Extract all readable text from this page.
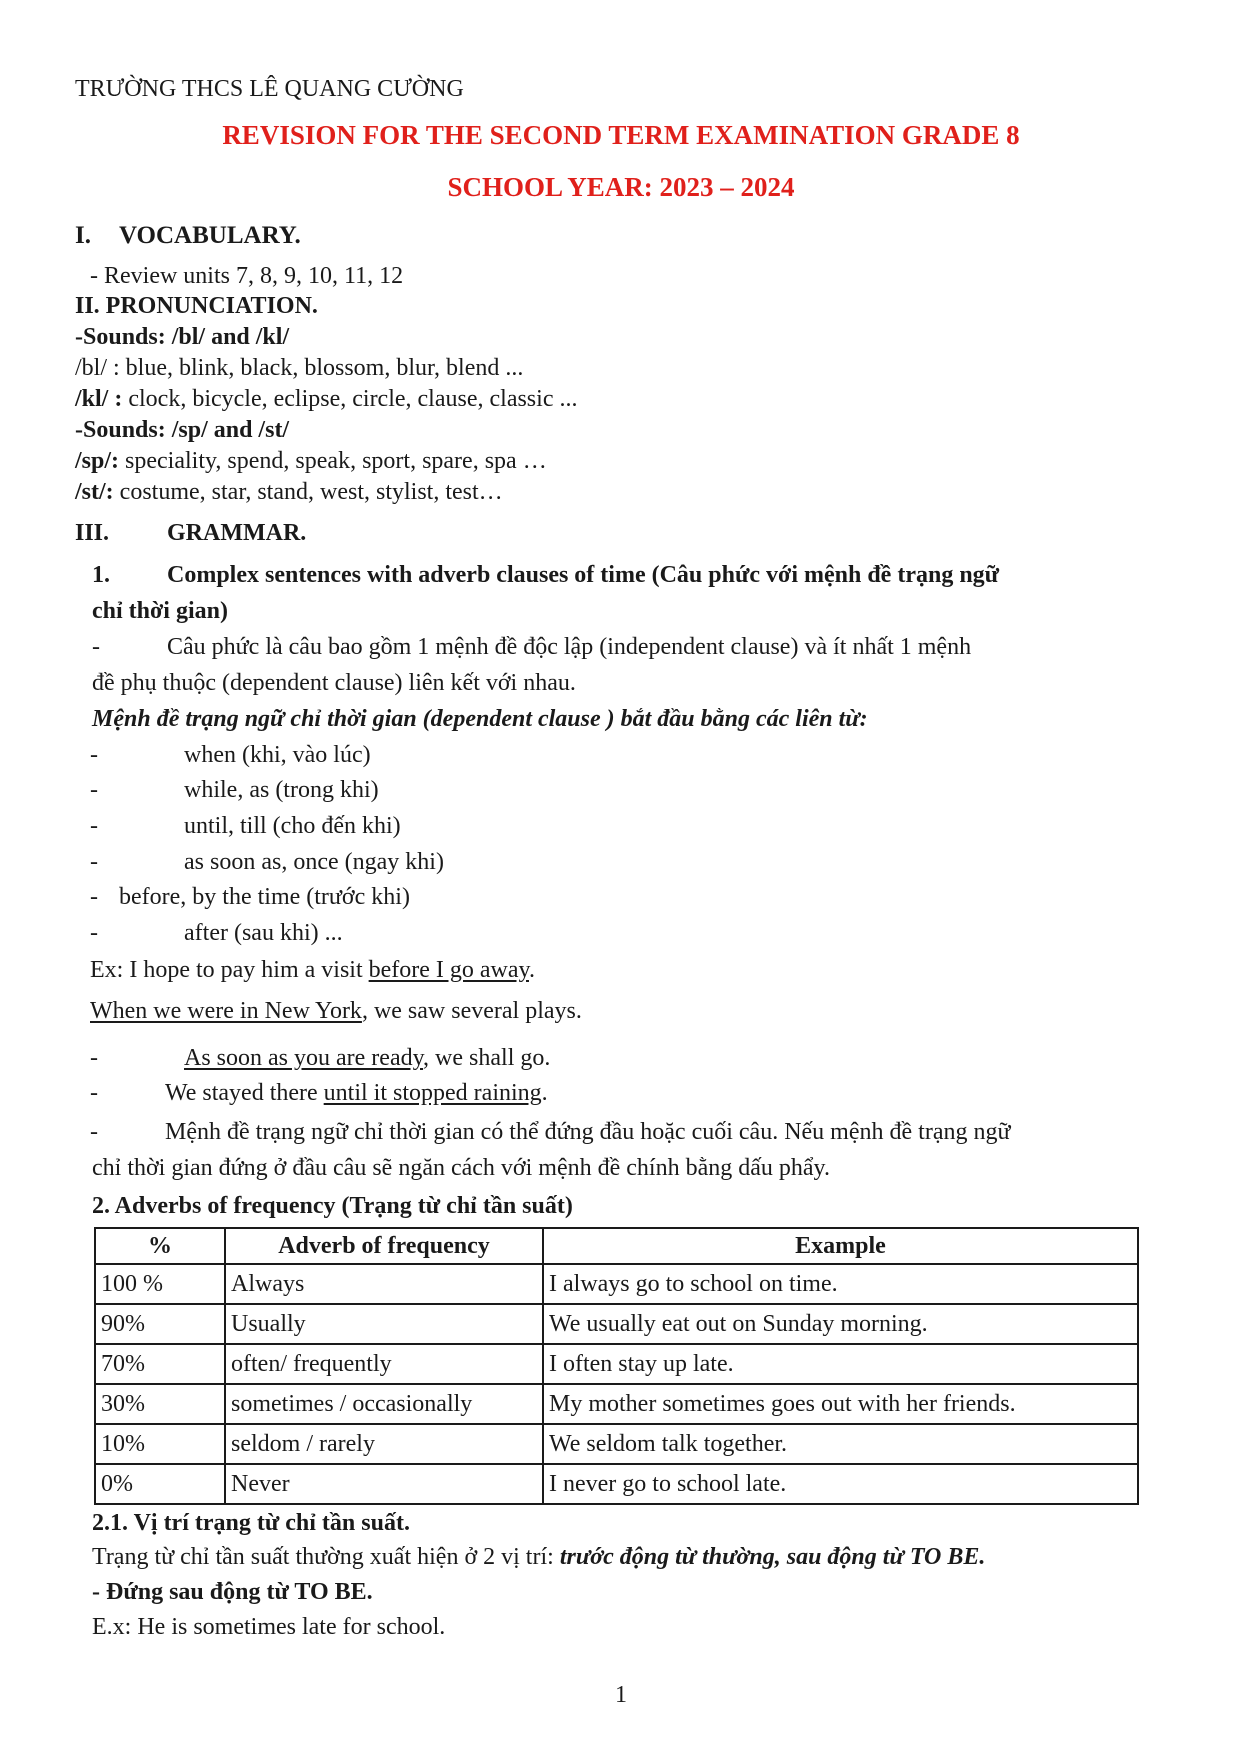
TRƯỜNG THCS LÊ QUANG CƯỜNG
REVISION FOR THE SECOND TERM EXAMINATION GRADE 8
SCHOOL YEAR: 2023 – 2024
I. VOCABULARY.
- Review units 7, 8, 9, 10, 11, 12
II. PRONUNCIATION.
-Sounds: /bl/ and /kl/
/bl/ : blue, blink, black, blossom, blur, blend ...
/kl/ : clock, bicycle, eclipse, circle, clause, classic ...
-Sounds: /sp/ and /st/
/sp/: speciality, spend, speak, sport, spare, spa …
/st/: costume, star, stand, west, stylist, test…
III. GRAMMAR.
1. Complex sentences with adverb clauses of time (Câu phức với mệnh đề trạng ngữ
chỉ thời gian)
-	Câu phức là câu bao gồm 1 mệnh đề độc lập (independent clause) và ít nhất 1 mệnh
đề phụ thuộc (dependent clause) liên kết với nhau.
Mệnh đề trạng ngữ chỉ thời gian (dependent clause ) bắt đầu bằng các liên từ:
-	when (khi, vào lúc)
-	while, as (trong khi)
-	until, till (cho đến khi)
-	as soon as, once (ngay khi)
- before, by the time (trước khi)
-	after (sau khi) ...
Ex: I hope to pay him a visit before I go away.
When we were in New York, we saw several plays.
-	As soon as you are ready, we shall go.
-	We stayed there until it stopped raining.
-	Mệnh đề trạng ngữ chỉ thời gian có thể đứng đầu hoặc cuối câu. Nếu mệnh đề trạng ngữ
chỉ thời gian đứng ở đầu câu sẽ ngăn cách với mệnh đề chính bằng dấu phẩy.
2. Adverbs of frequency (Trạng từ chỉ tần suất)
%	Adverb of frequency	Example
100 %	Always	I always go to school on time.
90%	Usually	We usually eat out on Sunday morning.
70%	often/ frequently	I often stay up late.
30%	sometimes / occasionally	My mother sometimes goes out with her friends.
10%	seldom / rarely	We seldom talk together.
0%	Never	I never go to school late.
2.1. Vị trí trạng từ chỉ tần suất.
Trạng từ chỉ tần suất thường xuất hiện ở 2 vị trí: trước động từ thường, sau động từ TO BE.
- Đứng sau động từ TO BE.
E.x: He is sometimes late for school.
1
